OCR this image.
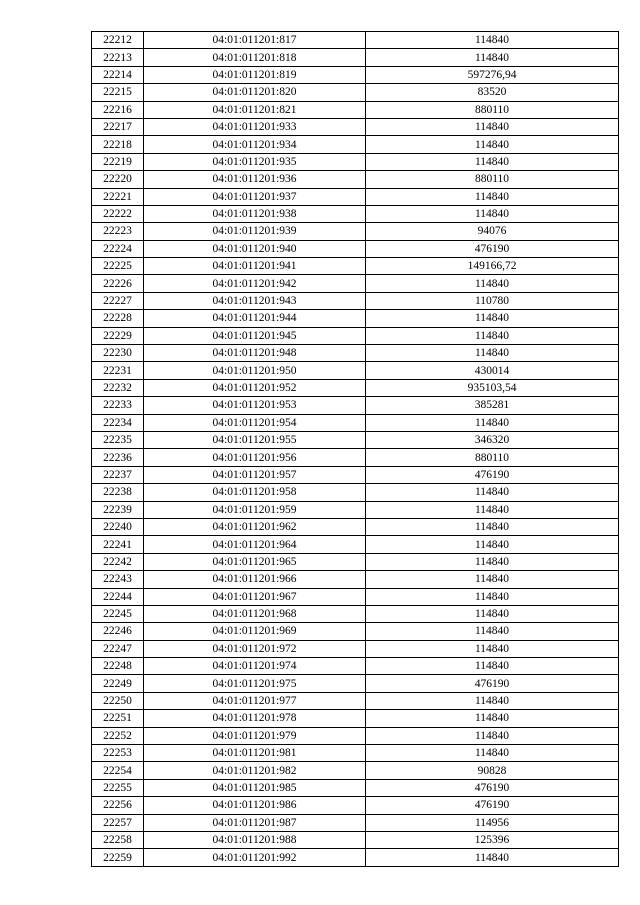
22212	04:01:011201:817	114840
22213	04:01:011201:818	114840
22214	04:01:011201:819	597276,94
22215	04:01:011201:820	83520
22216	04:01:011201:821	880110
22217	04:01:011201:933	114840
22218	04:01:011201:934	114840
22219	04:01:011201:935	114840
22220	04:01:011201:936	880110
22221	04:01:011201:937	114840
22222	04:01:011201:938	114840
22223	04:01:011201:939	94076
22224	04:01:011201:940	476190
22225	04:01:011201:941	149166,72
22226	04:01:011201:942	114840
22227	04:01:011201:943	110780
22228	04:01:011201:944	114840
22229	04:01:011201:945	114840
22230	04:01:011201:948	114840
22231	04:01:011201:950	430014
22232	04:01:011201:952	935103,54
22233	04:01:011201:953	385281
22234	04:01:011201:954	114840
22235	04:01:011201:955	346320
22236	04:01:011201:956	880110
22237	04:01:011201:957	476190
22238	04:01:011201:958	114840
22239	04:01:011201:959	114840
22240	04:01:011201:962	114840
22241	04:01:011201:964	114840
22242	04:01:011201:965	114840
22243	04:01:011201:966	114840
22244	04:01:011201:967	114840
22245	04:01:011201:968	114840
22246	04:01:011201:969	114840
22247	04:01:011201:972	114840
22248	04:01:011201:974	114840
22249	04:01:011201:975	476190
22250	04:01:011201:977	114840
22251	04:01:011201:978	114840
22252	04:01:011201:979	114840
22253	04:01:011201:981	114840
22254	04:01:011201:982	90828
22255	04:01:011201:985	476190
22256	04:01:011201:986	476190
22257	04:01:011201:987	114956
22258	04:01:011201:988	125396
22259	04:01:011201:992	114840
